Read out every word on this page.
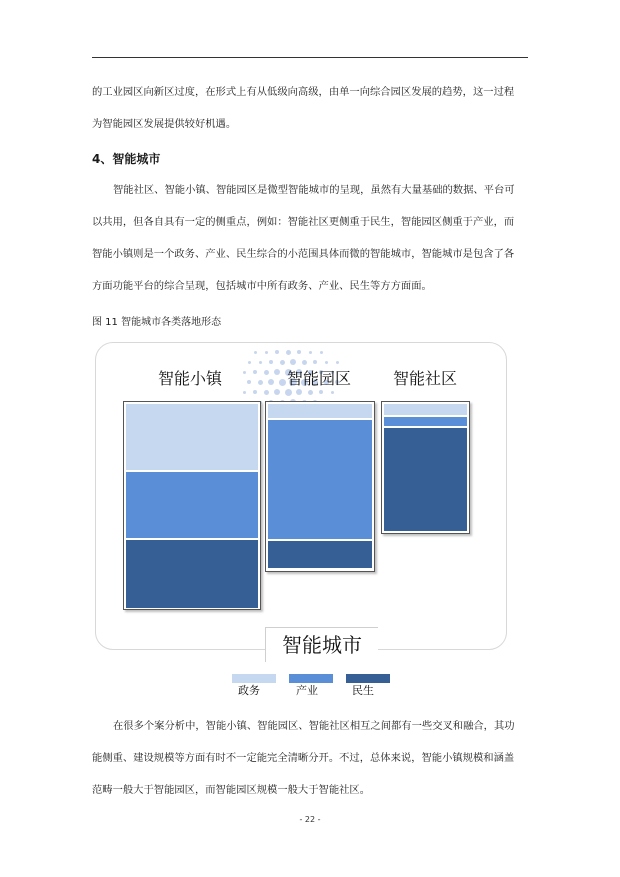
的工业园区向新区过度，在形式上有从低级向高级，由单一向综合园区发展的趋势，这一过程
为智能园区发展提供较好机遇。
4、智能城市
智能社区、智能小镇、智能园区是微型智能城市的呈现，虽然有大量基础的数据、平台可
以共用，但各自具有一定的侧重点，例如：智能社区更侧重于民生，智能园区侧重于产业，而
智能小镇则是一个政务、产业、民生综合的小范围具体而微的智能城市，智能城市是包含了各
方面功能平台的综合呈现，包括城市中所有政务、产业、民生等方方面面。
图 11 智能城市各类落地形态
智能小镇	智能园区	智能社区
智能城市
政务	产业	民生
在很多个案分析中，智能小镇、智能园区、智能社区相互之间都有一些交叉和融合，其功
能侧重、建设规模等方面有时不一定能完全清晰分开。不过，总体来说，智能小镇规模和涵盖
范畴一般大于智能园区，而智能园区规模一般大于智能社区。
- 22 -
